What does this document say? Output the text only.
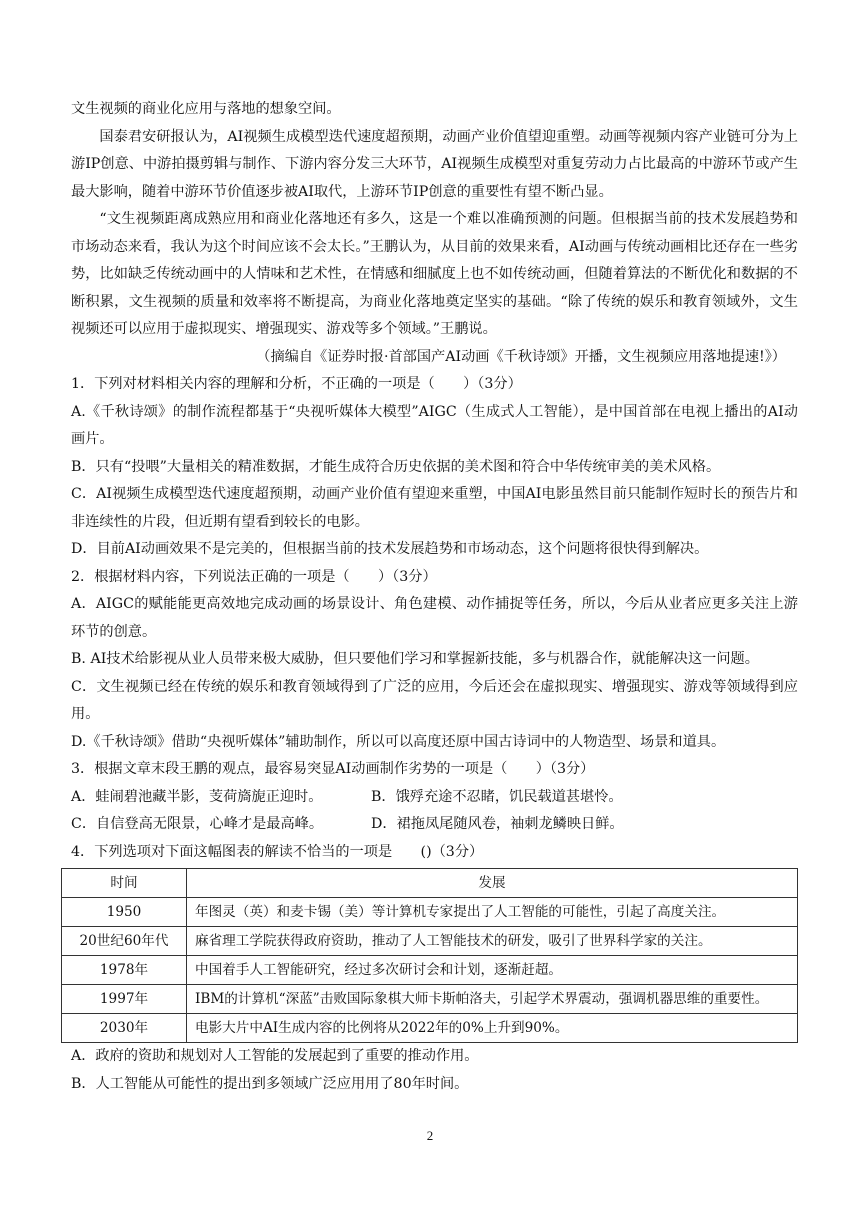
文生视频的商业化应用与落地的想象空间。

国泰君安研报认为，AI视频生成模型迭代速度超预期，动画产业价值望迎重塑。动画等视频内容产业链可分为上游IP创意、中游拍摄剪辑与制作、下游内容分发三大环节，AI视频生成模型对重复劳动力占比最高的中游环节或产生最大影响，随着中游环节价值逐步被AI取代，上游环节IP创意的重要性有望不断凸显。

“文生视频距离成熟应用和商业化落地还有多久，这是一个难以准确预测的问题。但根据当前的技术发展趋势和市场动态来看，我认为这个时间应该不会太长。”王鹏认为，从目前的效果来看，AI动画与传统动画相比还存在一些劣势，比如缺乏传统动画中的人情味和艺术性，在情感和细腻度上也不如传统动画，但随着算法的不断优化和数据的不断积累，文生视频的质量和效率将不断提高，为商业化落地奠定坚实的基础。“除了传统的娱乐和教育领域外，文生视频还可以应用于虚拟现实、增强现实、游戏等多个领域。”王鹏说。

（摘编自《证券时报·首部国产AI动画《千秋诗颂》开播，文生视频应用落地提速!》）

1．下列对材料相关内容的理解和分析，不正确的一项是（　　）（3分）

A.《千秋诗颂》的制作流程都基于“央视听媒体大模型”AIGC（生成式人工智能），是中国首部在电视上播出的AI动画片。

B．只有“投喂”大量相关的精准数据，才能生成符合历史依据的美术图和符合中华传统审美的美术风格。

C．AI视频生成模型迭代速度超预期，动画产业价值有望迎来重塑，中国AI电影虽然目前只能制作短时长的预告片和非连续性的片段，但近期有望看到较长的电影。

D．目前AI动画效果不是完美的，但根据当前的技术发展趋势和市场动态，这个问题将很快得到解决。

2．根据材料内容，下列说法正确的一项是（　　）（3分）

A．AIGC的赋能能更高效地完成动画的场景设计、角色建模、动作捕捉等任务，所以，今后从业者应更多关注上游环节的创意。

B. AI技术给影视从业人员带来极大威胁，但只要他们学习和掌握新技能，多与机器合作，就能解决这一问题。

C．文生视频已经在传统的娱乐和教育领域得到了广泛的应用，今后还会在虚拟现实、增强现实、游戏等领域得到应用。

D.《千秋诗颂》借助“央视听媒体”辅助制作，所以可以高度还原中国古诗词中的人物造型、场景和道具。

3．根据文章末段王鹏的观点，最容易突显AI动画制作劣势的一项是（　　）（3分）

A．蛙闹碧池藏半影，芰荷旖旎正迎时。	B．饿殍充途不忍睹，饥民载道甚堪怜。
C．自信登高无限景，心峰才是最高峰。	D．裙拖凤尾随风卷，袖刺龙鳞映日鲜。

4．下列选项对下面这幅图表的解读不恰当的一项是　　()（3分）

时间	发展
1950	年图灵（英）和麦卡锡（美）等计算机专家提出了人工智能的可能性，引起了高度关注。
20世纪60年代	麻省理工学院获得政府资助，推动了人工智能技术的研发，吸引了世界科学家的关注。
1978年	中国着手人工智能研究，经过多次研讨会和计划，逐渐赶超。
1997年	IBM的计算机“深蓝”击败国际象棋大师卡斯帕洛夫，引起学术界震动，强调机器思维的重要性。
2030年	电影大片中AI生成内容的比例将从2022年的0%上升到90%。

A．政府的资助和规划对人工智能的发展起到了重要的推动作用。

B．人工智能从可能性的提出到多领域广泛应用用了80年时间。

2
